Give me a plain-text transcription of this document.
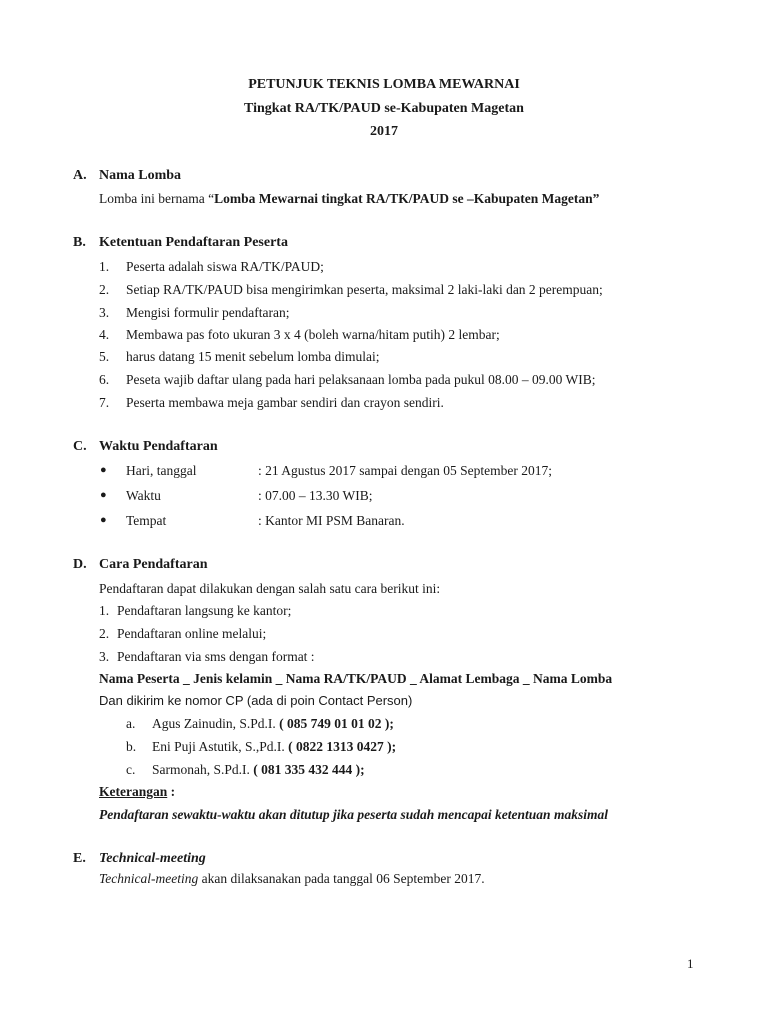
PETUNJUK TEKNIS LOMBA MEWARNAI
Tingkat RA/TK/PAUD se-Kabupaten Magetan
2017
A. Nama Lomba
Lomba ini bernama “Lomba Mewarnai tingkat RA/TK/PAUD se –Kabupaten Magetan”
B. Ketentuan Pendaftaran Peserta
1. Peserta adalah siswa RA/TK/PAUD;
2. Setiap RA/TK/PAUD bisa mengirimkan peserta, maksimal 2 laki-laki dan 2 perempuan;
3. Mengisi formulir pendaftaran;
4. Membawa pas foto ukuran 3 x 4 (boleh warna/hitam putih) 2 lembar;
5. harus datang 15 menit sebelum lomba dimulai;
6. Peseta wajib daftar ulang pada hari pelaksanaan lomba pada pukul 08.00 – 09.00 WIB;
7. Peserta membawa meja gambar sendiri dan crayon sendiri.
C. Waktu Pendaftaran
● Hari, tanggal	: 21 Agustus 2017 sampai dengan 05 September 2017;
● Waktu	: 07.00 – 13.30 WIB;
● Tempat	: Kantor MI PSM Banaran.
D. Cara Pendaftaran
Pendaftaran dapat dilakukan dengan salah satu cara berikut ini:
1. Pendaftaran langsung ke kantor;
2. Pendaftaran online melalui;
3. Pendaftaran via sms dengan format :
Nama Peserta _ Jenis kelamin _ Nama RA/TK/PAUD _ Alamat Lembaga _ Nama Lomba
Dan dikirim ke nomor CP (ada di poin Contact Person)
a. Agus Zainudin, S.Pd.I. ( 085 749 01 01 02 );
b. Eni Puji Astutik, S.,Pd.I. ( 0822 1313 0427 );
c. Sarmonah, S.Pd.I. ( 081 335 432 444 );
Keterangan :
Pendaftaran sewaktu-waktu akan ditutup jika peserta sudah mencapai ketentuan maksimal
E. Technical-meeting
Technical-meeting akan dilaksanakan pada tanggal 06 September 2017.
1
